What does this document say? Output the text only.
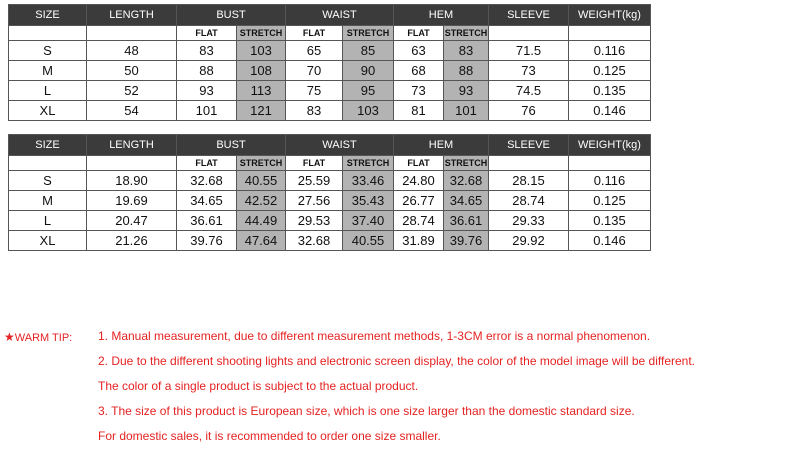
SIZE	LENGTH	BUST		WAIST		HEM		SLEEVE	WEIGHT(kg)
		FLAT	STRETCH	FLAT	STRETCH	FLAT	STRETCH		
S	48	83	103	65	85	63	83	71.5	0.116
M	50	88	108	70	90	68	88	73	0.125
L	52	93	113	75	95	73	93	74.5	0.135
XL	54	101	121	83	103	81	101	76	0.146
SIZE	LENGTH	BUST		WAIST		HEM		SLEEVE	WEIGHT(kg)
		FLAT	STRETCH	FLAT	STRETCH	FLAT	STRETCH		
S	18.90	32.68	40.55	25.59	33.46	24.80	32.68	28.15	0.116
M	19.69	34.65	42.52	27.56	35.43	26.77	34.65	28.74	0.125
L	20.47	36.61	44.49	29.53	37.40	28.74	36.61	29.33	0.135
XL	21.26	39.76	47.64	32.68	40.55	31.89	39.76	29.92	0.146
★WARM TIP: 1. Manual measurement, due to different measurement methods, 1-3CM error is a normal phenomenon.
2. Due to the different shooting lights and electronic screen display, the color of the model image will be different.
The color of a single product is subject to the actual product.
3. The size of this product is European size, which is one size larger than the domestic standard size.
For domestic sales, it is recommended to order one size smaller.
